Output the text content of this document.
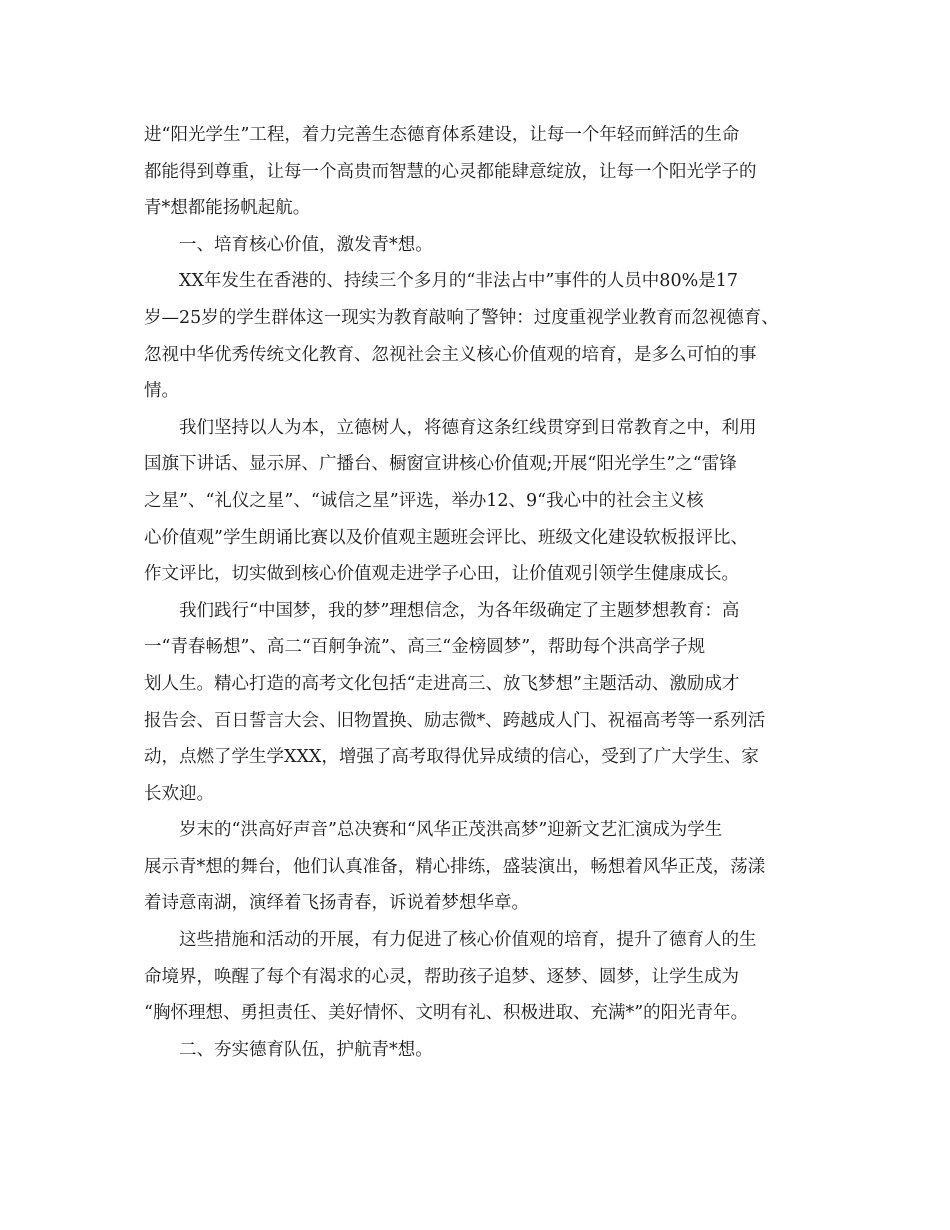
进“阳光学生”工程，着力完善生态德育体系建设，让每一个年轻而鲜活的生命
都能得到尊重，让每一个高贵而智慧的心灵都能肆意绽放，让每一个阳光学子的
青*想都能扬帆起航。
一、培育核心价值，激发青*想。
XX年发生在香港的、持续三个多月的“非法占中”事件的人员中80%是17
岁—25岁的学生群体这一现实为教育敲响了警钟：过度重视学业教育而忽视德育、
忽视中华优秀传统文化教育、忽视社会主义核心价值观的培育，是多么可怕的事
情。
我们坚持以人为本，立德树人，将德育这条红线贯穿到日常教育之中，利用
国旗下讲话、显示屏、广播台、橱窗宣讲核心价值观;开展“阳光学生”之“雷锋
之星”、“礼仪之星”、“诚信之星”评选，举办12、9“我心中的社会主义核
心价值观”学生朗诵比赛以及价值观主题班会评比、班级文化建设软板报评比、
作文评比，切实做到核心价值观走进学子心田，让价值观引领学生健康成长。
我们践行“中国梦，我的梦”理想信念，为各年级确定了主题梦想教育：高
一“青春畅想”、高二“百舸争流”、高三“金榜圆梦”，帮助每个洪高学子规
划人生。精心打造的高考文化包括“走进高三、放飞梦想”主题活动、激励成才
报告会、百日誓言大会、旧物置换、励志微*、跨越成人门、祝福高考等一系列活
动，点燃了学生学XXX，增强了高考取得优异成绩的信心，受到了广大学生、家
长欢迎。
岁末的“洪高好声音”总决赛和“风华正茂洪高梦”迎新文艺汇演成为学生
展示青*想的舞台，他们认真准备，精心排练，盛装演出，畅想着风华正茂，荡漾
着诗意南湖，演绎着飞扬青春，诉说着梦想华章。
这些措施和活动的开展，有力促进了核心价值观的培育，提升了德育人的生
命境界，唤醒了每个有渴求的心灵，帮助孩子追梦、逐梦、圆梦，让学生成为
“胸怀理想、勇担责任、美好情怀、文明有礼、积极进取、充满*”的阳光青年。
二、夯实德育队伍，护航青*想。
